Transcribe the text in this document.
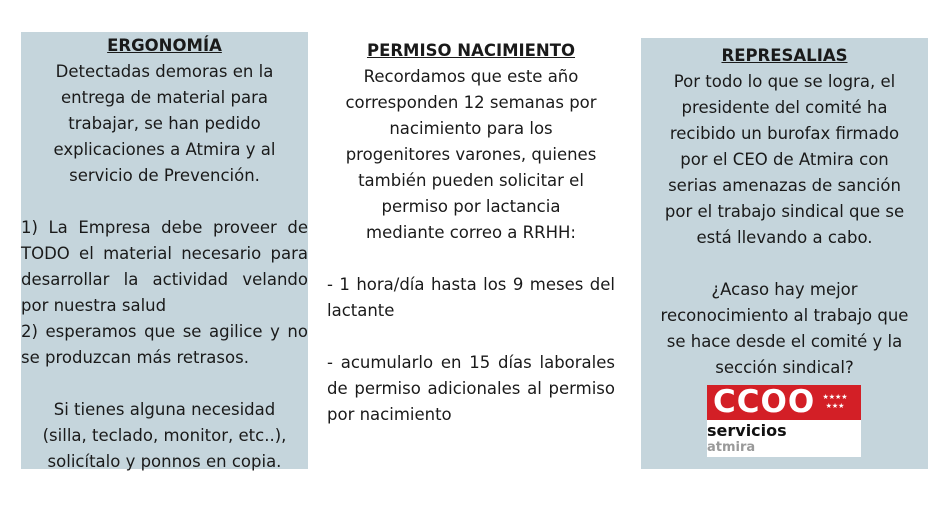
ERGONOMÍA

Detectadas demoras en la

entrega de material para

trabajar, se han pedido

explicaciones a Atmira y al

servicio de Prevención.

1) La Empresa debe proveer de TODO el material necesario para desarrollar la actividad velando por nuestra salud

2) esperamos que se agilice y no se produzcan más retrasos.

Si tienes alguna necesidad

(silla, teclado, monitor, etc..),

solicítalo y ponnos en copia.

PERMISO NACIMIENTO

Recordamos que este año

corresponden 12 semanas por

nacimiento para los

progenitores varones, quienes

también pueden solicitar el

permiso por lactancia

mediante correo a RRHH:

- 1 hora/día hasta los 9 meses del lactante

- acumularlo en 15 días laborales de permiso adicionales al permiso por nacimiento

REPRESALIAS

Por todo lo que se logra, el

presidente del comité ha

recibido un burofax firmado

por el CEO de Atmira con

serias amenazas de sanción

por el trabajo sindical que se

está llevando a cabo.

¿Acaso hay mejor

reconocimiento al trabajo que

se hace desde el comité y la

sección sindical?

CCOO	★★★★
★★★
servicios
atmira
